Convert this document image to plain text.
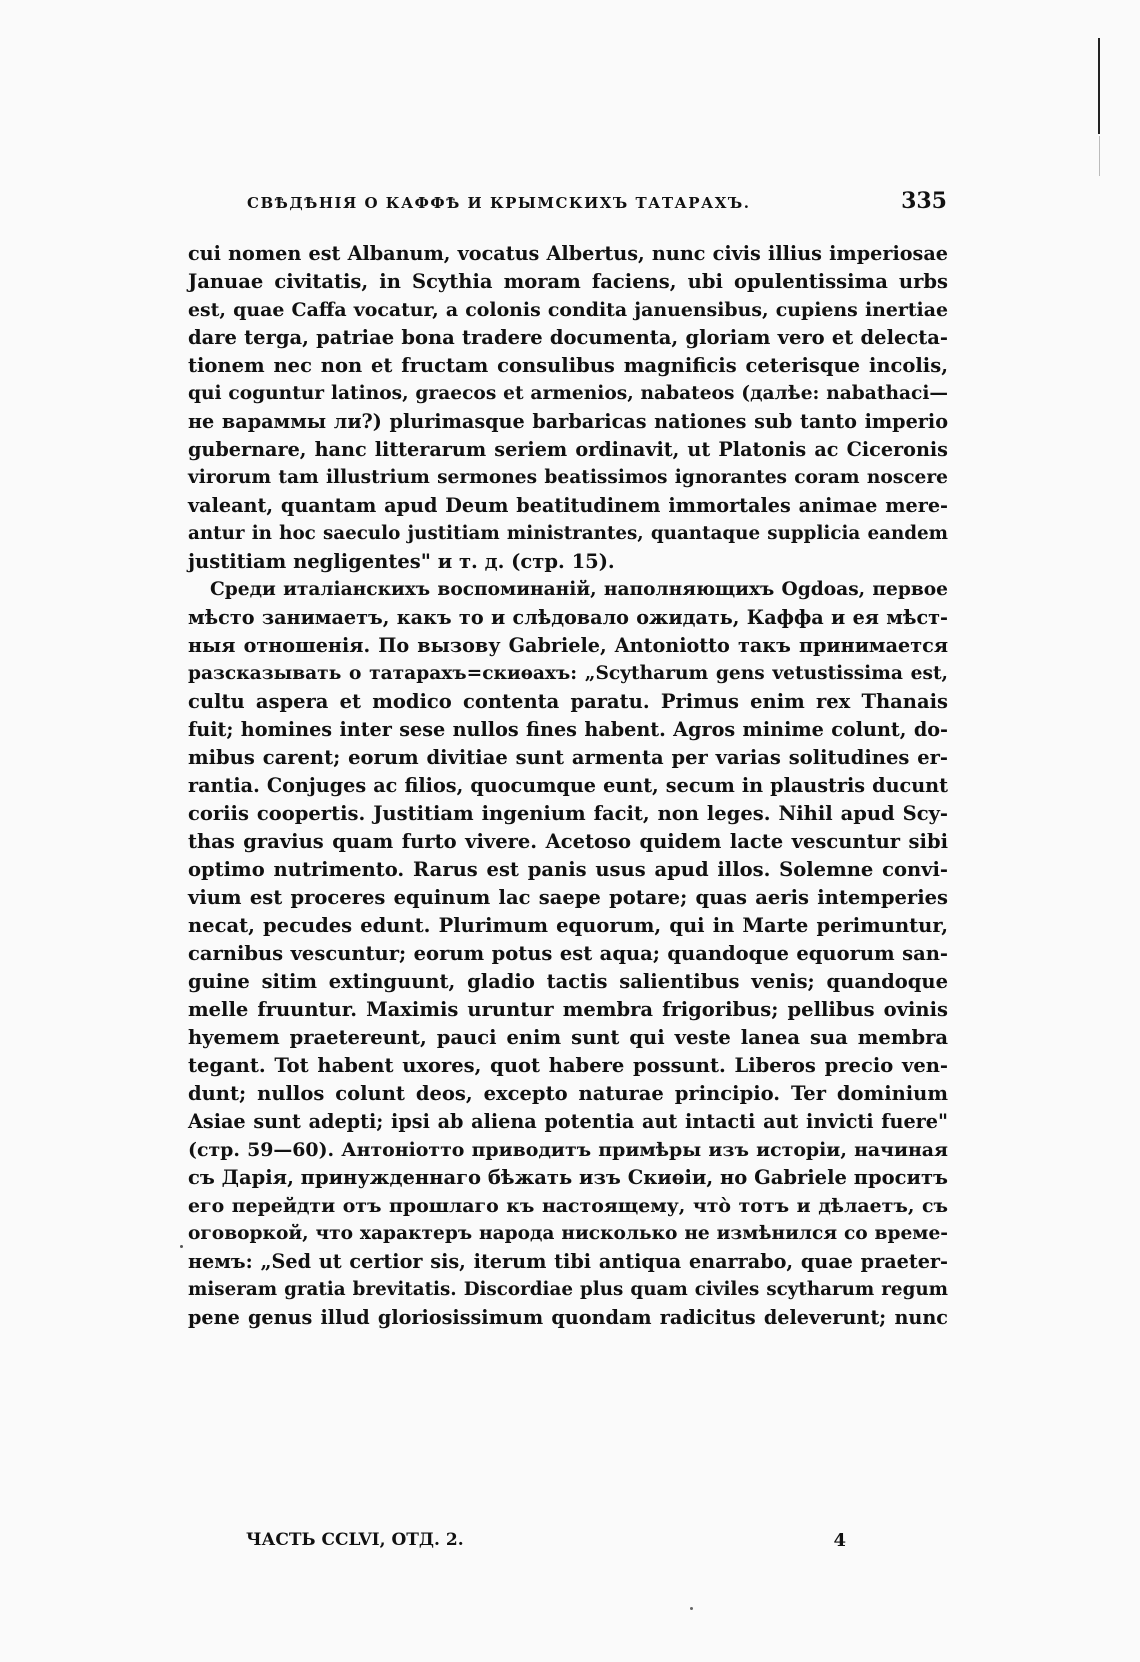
СВѢДѢНІЯ О КАФФѢ И КРЫМСКИХЪ ТАТАРАХЪ.	335
cui nomen est Albanum, vocatus Albertus, nunc civis illius imperiosae
Januae civitatis, in Scythia moram faciens, ubi opulentissima urbs
est, quae Caffa vocatur, a colonis condita januensibus, cupiens inertiae
dare terga, patriae bona tradere documenta, gloriam vero et delecta-
tionem nec non et fructam consulibus magnificis ceterisque incolis,
qui coguntur latinos, graecos et armenios, nabateos (далѣе: nabathaci—
не вараммы ли?) plurimasque barbaricas nationes sub tanto imperio
gubernare, hanc litterarum seriem ordinavit, ut Platonis ac Ciceronis
virorum tam illustrium sermones beatissimos ignorantes coram noscere
valeant, quantam apud Deum beatitudinem immortales animae mere-
antur in hoc saeculo justitiam ministrantes, quantaque supplicia eandem
justitiam negligentes" и т. д. (стр. 15).
Среди италіанскихъ воспоминаній, наполняющихъ Ogdoas, первое
мѣсто занимаетъ, какъ то и слѣдовало ожидать, Каффа и ея мѣст-
ныя отношенія. По вызову Gabriele, Antoniotto такъ принимается
разсказывать о татарахъ=скиѳахъ: „Scytharum gens vetustissima est,
cultu aspera et modico contenta paratu. Primus enim rex Thanais
fuit; homines inter sese nullos fines habent. Agros minime colunt, do-
mibus carent; eorum divitiae sunt armenta per varias solitudines er-
rantia. Conjuges ac filios, quocumque eunt, secum in plaustris ducunt
coriis coopertis. Justitiam ingenium facit, non leges. Nihil apud Scy-
thas gravius quam furto vivere. Acetoso quidem lacte vescuntur sibi
optimo nutrimento. Rarus est panis usus apud illos. Solemne convi-
vium est proceres equinum lac saepe potare; quas aeris intemperies
necat, pecudes edunt. Plurimum equorum, qui in Marte perimuntur,
carnibus vescuntur; eorum potus est aqua; quandoque equorum san-
guine sitim extinguunt, gladio tactis salientibus venis; quandoque
melle fruuntur. Maximis uruntur membra frigoribus; pellibus ovinis
hyemem praetereunt, pauci enim sunt qui veste lanea sua membra
tegant. Tot habent uxores, quot habere possunt. Liberos precio ven-
dunt; nullos colunt deos, excepto naturae principio. Ter dominium
Asiae sunt adepti; ipsi ab aliena potentia aut intacti aut invicti fuere"
(стр. 59—60). Антоніотто приводитъ примѣры изъ исторіи, начиная
съ Дарія, принужденнаго бѣжать изъ Скиѳіи, но Gabriele проситъ
его перейдти отъ прошлаго къ настоящему, что̀ тотъ и дѣлаетъ, съ
оговоркой, что характеръ народа нисколько не измѣнился со време-
немъ: „Sed ut certior sis, iterum tibi antiqua enarrabo, quae praeter-
miseram gratia brevitatis. Discordiae plus quam civiles scytharum regum
pene genus illud gloriosissimum quondam radicitus deleverunt; nunc
ЧАСТЬ CCLVI, ОТД. 2.	4
